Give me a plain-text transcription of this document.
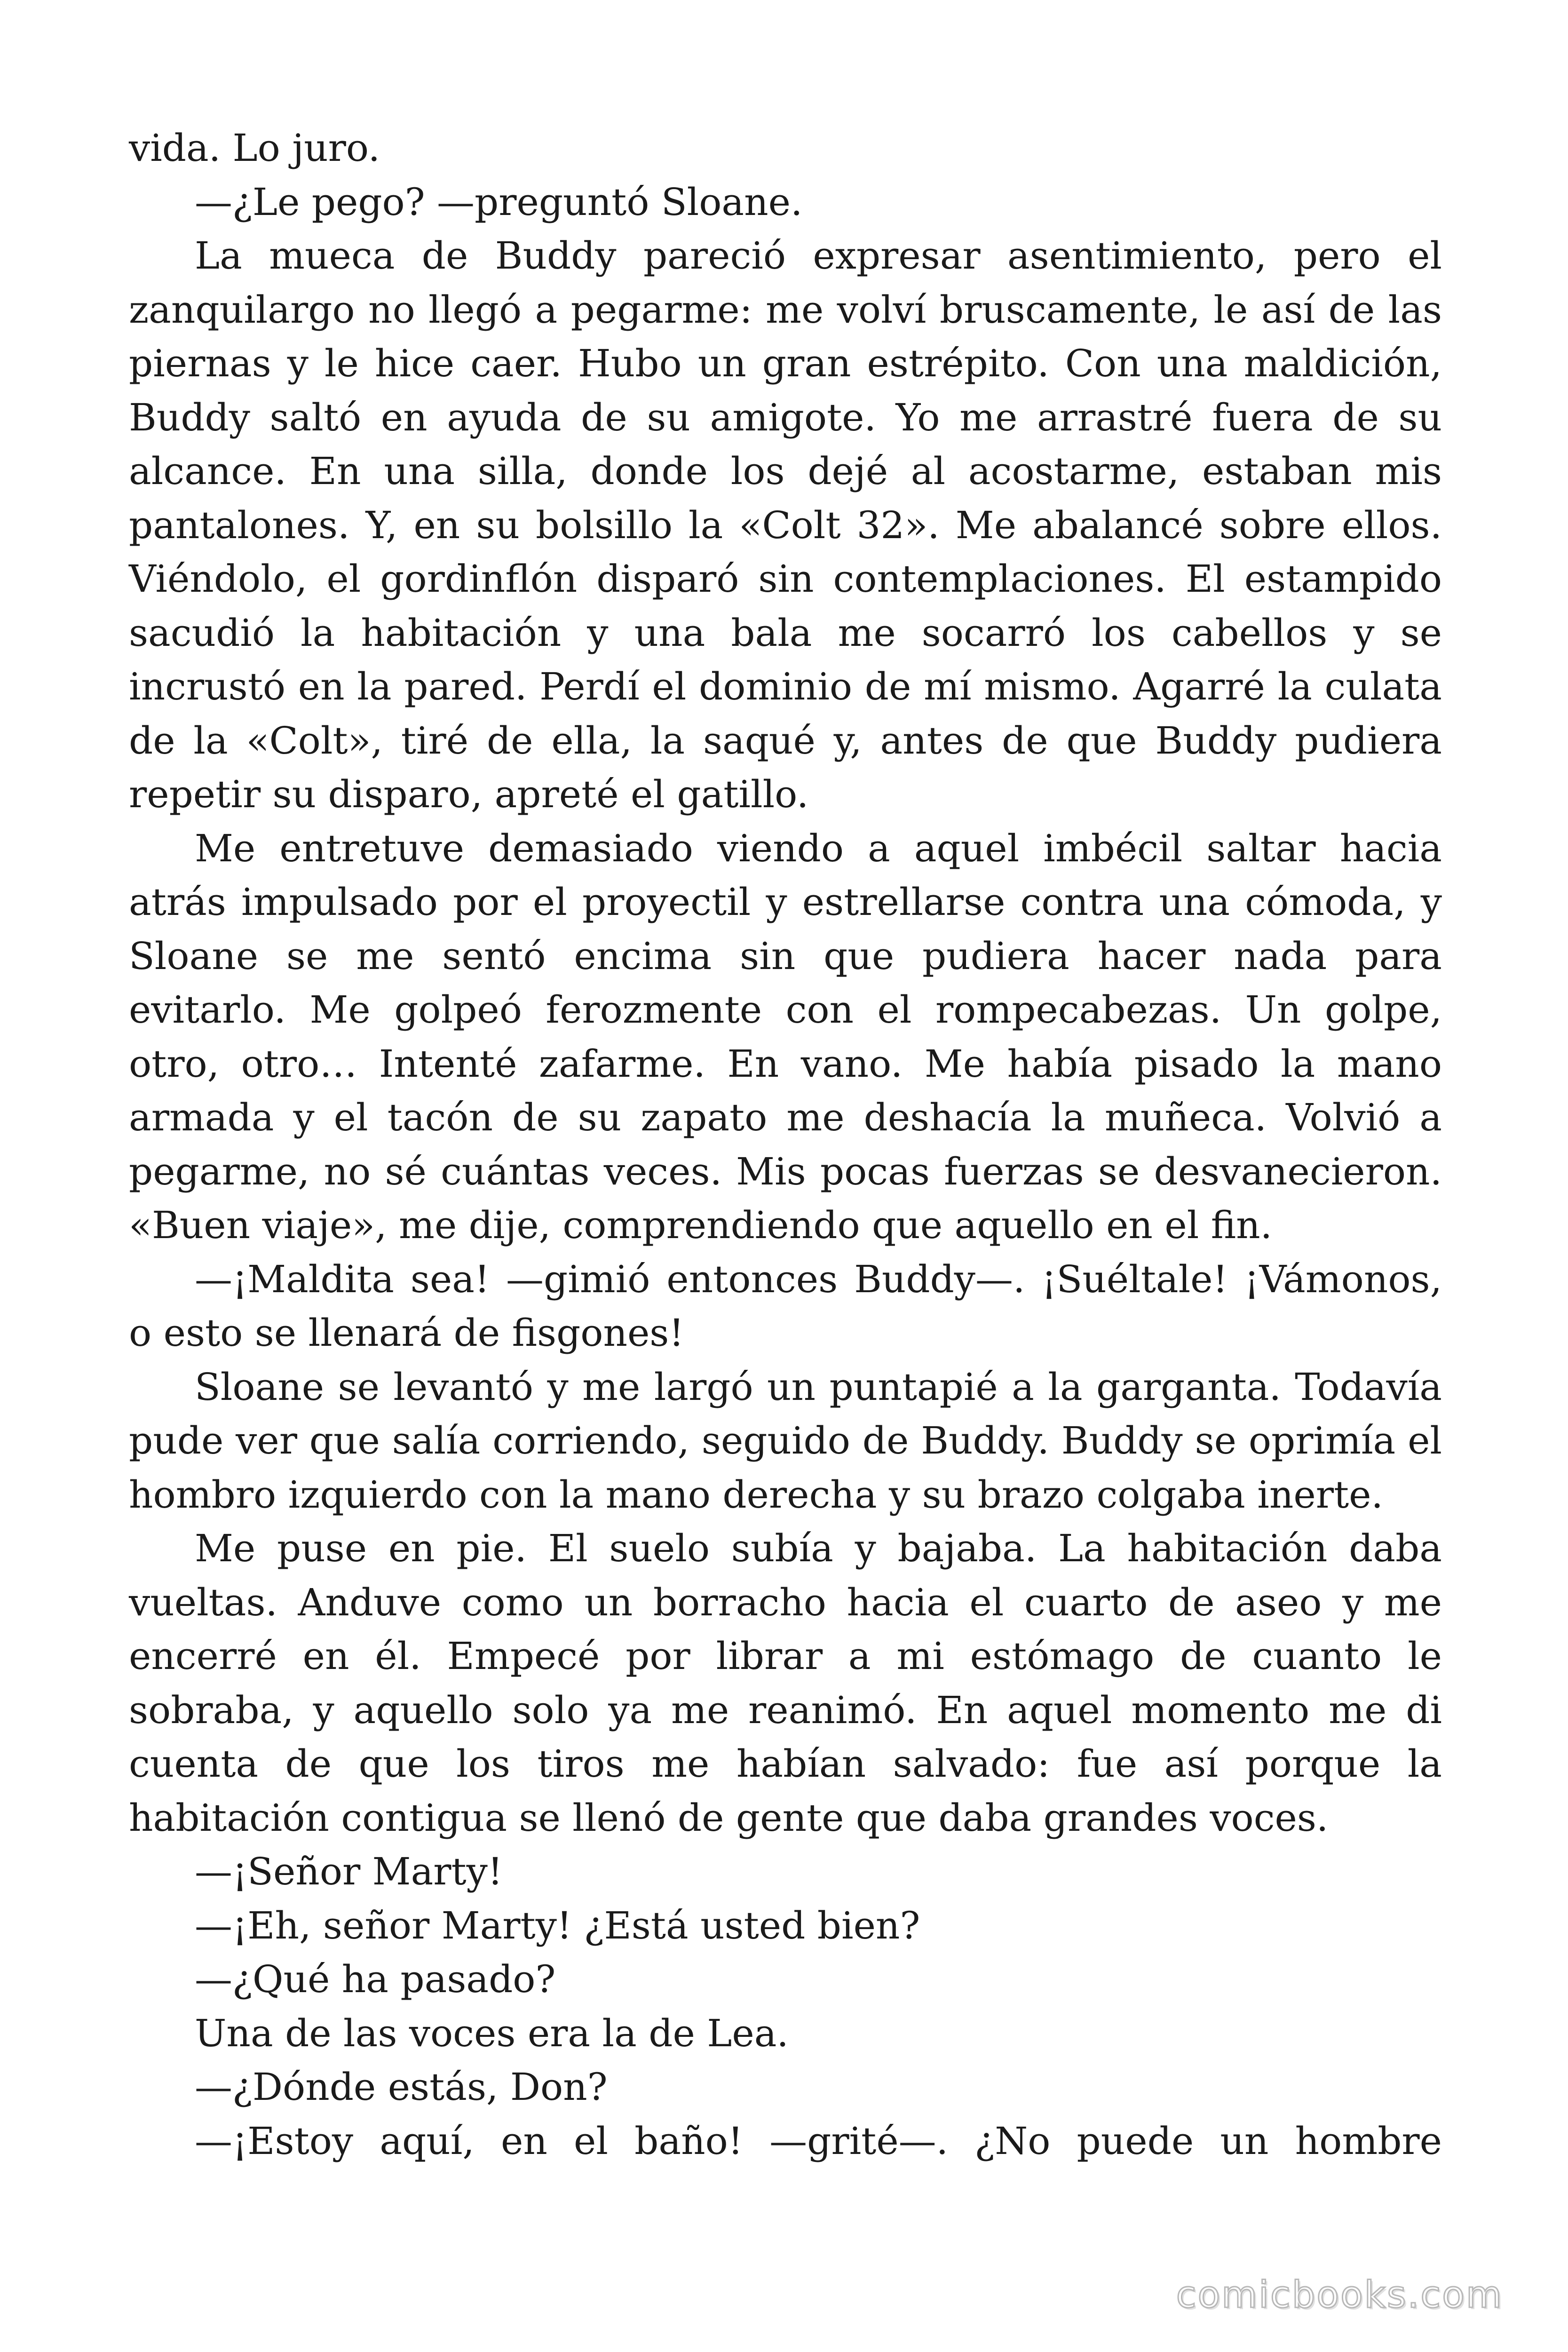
vida. Lo juro.

—¿Le pego? —preguntó Sloane.

La mueca de Buddy pareció expresar asentimiento, pero el zanquilargo no llegó a pegarme: me volví bruscamente, le así de las piernas y le hice caer. Hubo un gran estrépito. Con una maldición, Buddy saltó en ayuda de su amigote. Yo me arrastré fuera de su alcance. En una silla, donde los dejé al acostarme, estaban mis pantalones. Y, en su bolsillo la «Colt 32». Me abalancé sobre ellos. Viéndolo, el gordinflón disparó sin contemplaciones. El estampido sacudió la habitación y una bala me socarró los cabellos y se incrustó en la pared. Perdí el dominio de mí mismo. Agarré la culata de la «Colt», tiré de ella, la saqué y, antes de que Buddy pudiera repetir su disparo, apreté el gatillo.

Me entretuve demasiado viendo a aquel imbécil saltar hacia atrás impulsado por el proyectil y estrellarse contra una cómoda, y Sloane se me sentó encima sin que pudiera hacer nada para evitarlo. Me golpeó ferozmente con el rompecabezas. Un golpe, otro, otro… Intenté zafarme. En vano. Me había pisado la mano armada y el tacón de su zapato me deshacía la muñeca. Volvió a pegarme, no sé cuántas veces. Mis pocas fuerzas se desvanecieron. «Buen viaje», me dije, comprendiendo que aquello en el fin.

—¡Maldita sea! —gimió entonces Buddy—. ¡Suéltale! ¡Vámonos, o esto se llenará de fisgones!

Sloane se levantó y me largó un puntapié a la garganta. Todavía pude ver que salía corriendo, seguido de Buddy. Buddy se oprimía el hombro izquierdo con la mano derecha y su brazo colgaba inerte.

Me puse en pie. El suelo subía y bajaba. La habitación daba vueltas. Anduve como un borracho hacia el cuarto de aseo y me encerré en él. Empecé por librar a mi estómago de cuanto le sobraba, y aquello solo ya me reanimó. En aquel momento me di cuenta de que los tiros me habían salvado: fue así porque la habitación contigua se llenó de gente que daba grandes voces.

—¡Señor Marty!

—¡Eh, señor Marty! ¿Está usted bien?

—¿Qué ha pasado?

Una de las voces era la de Lea.

—¿Dónde estás, Don?

—¡Estoy aquí, en el baño! —grité—. ¿No puede un hombre

comicbooks.com
